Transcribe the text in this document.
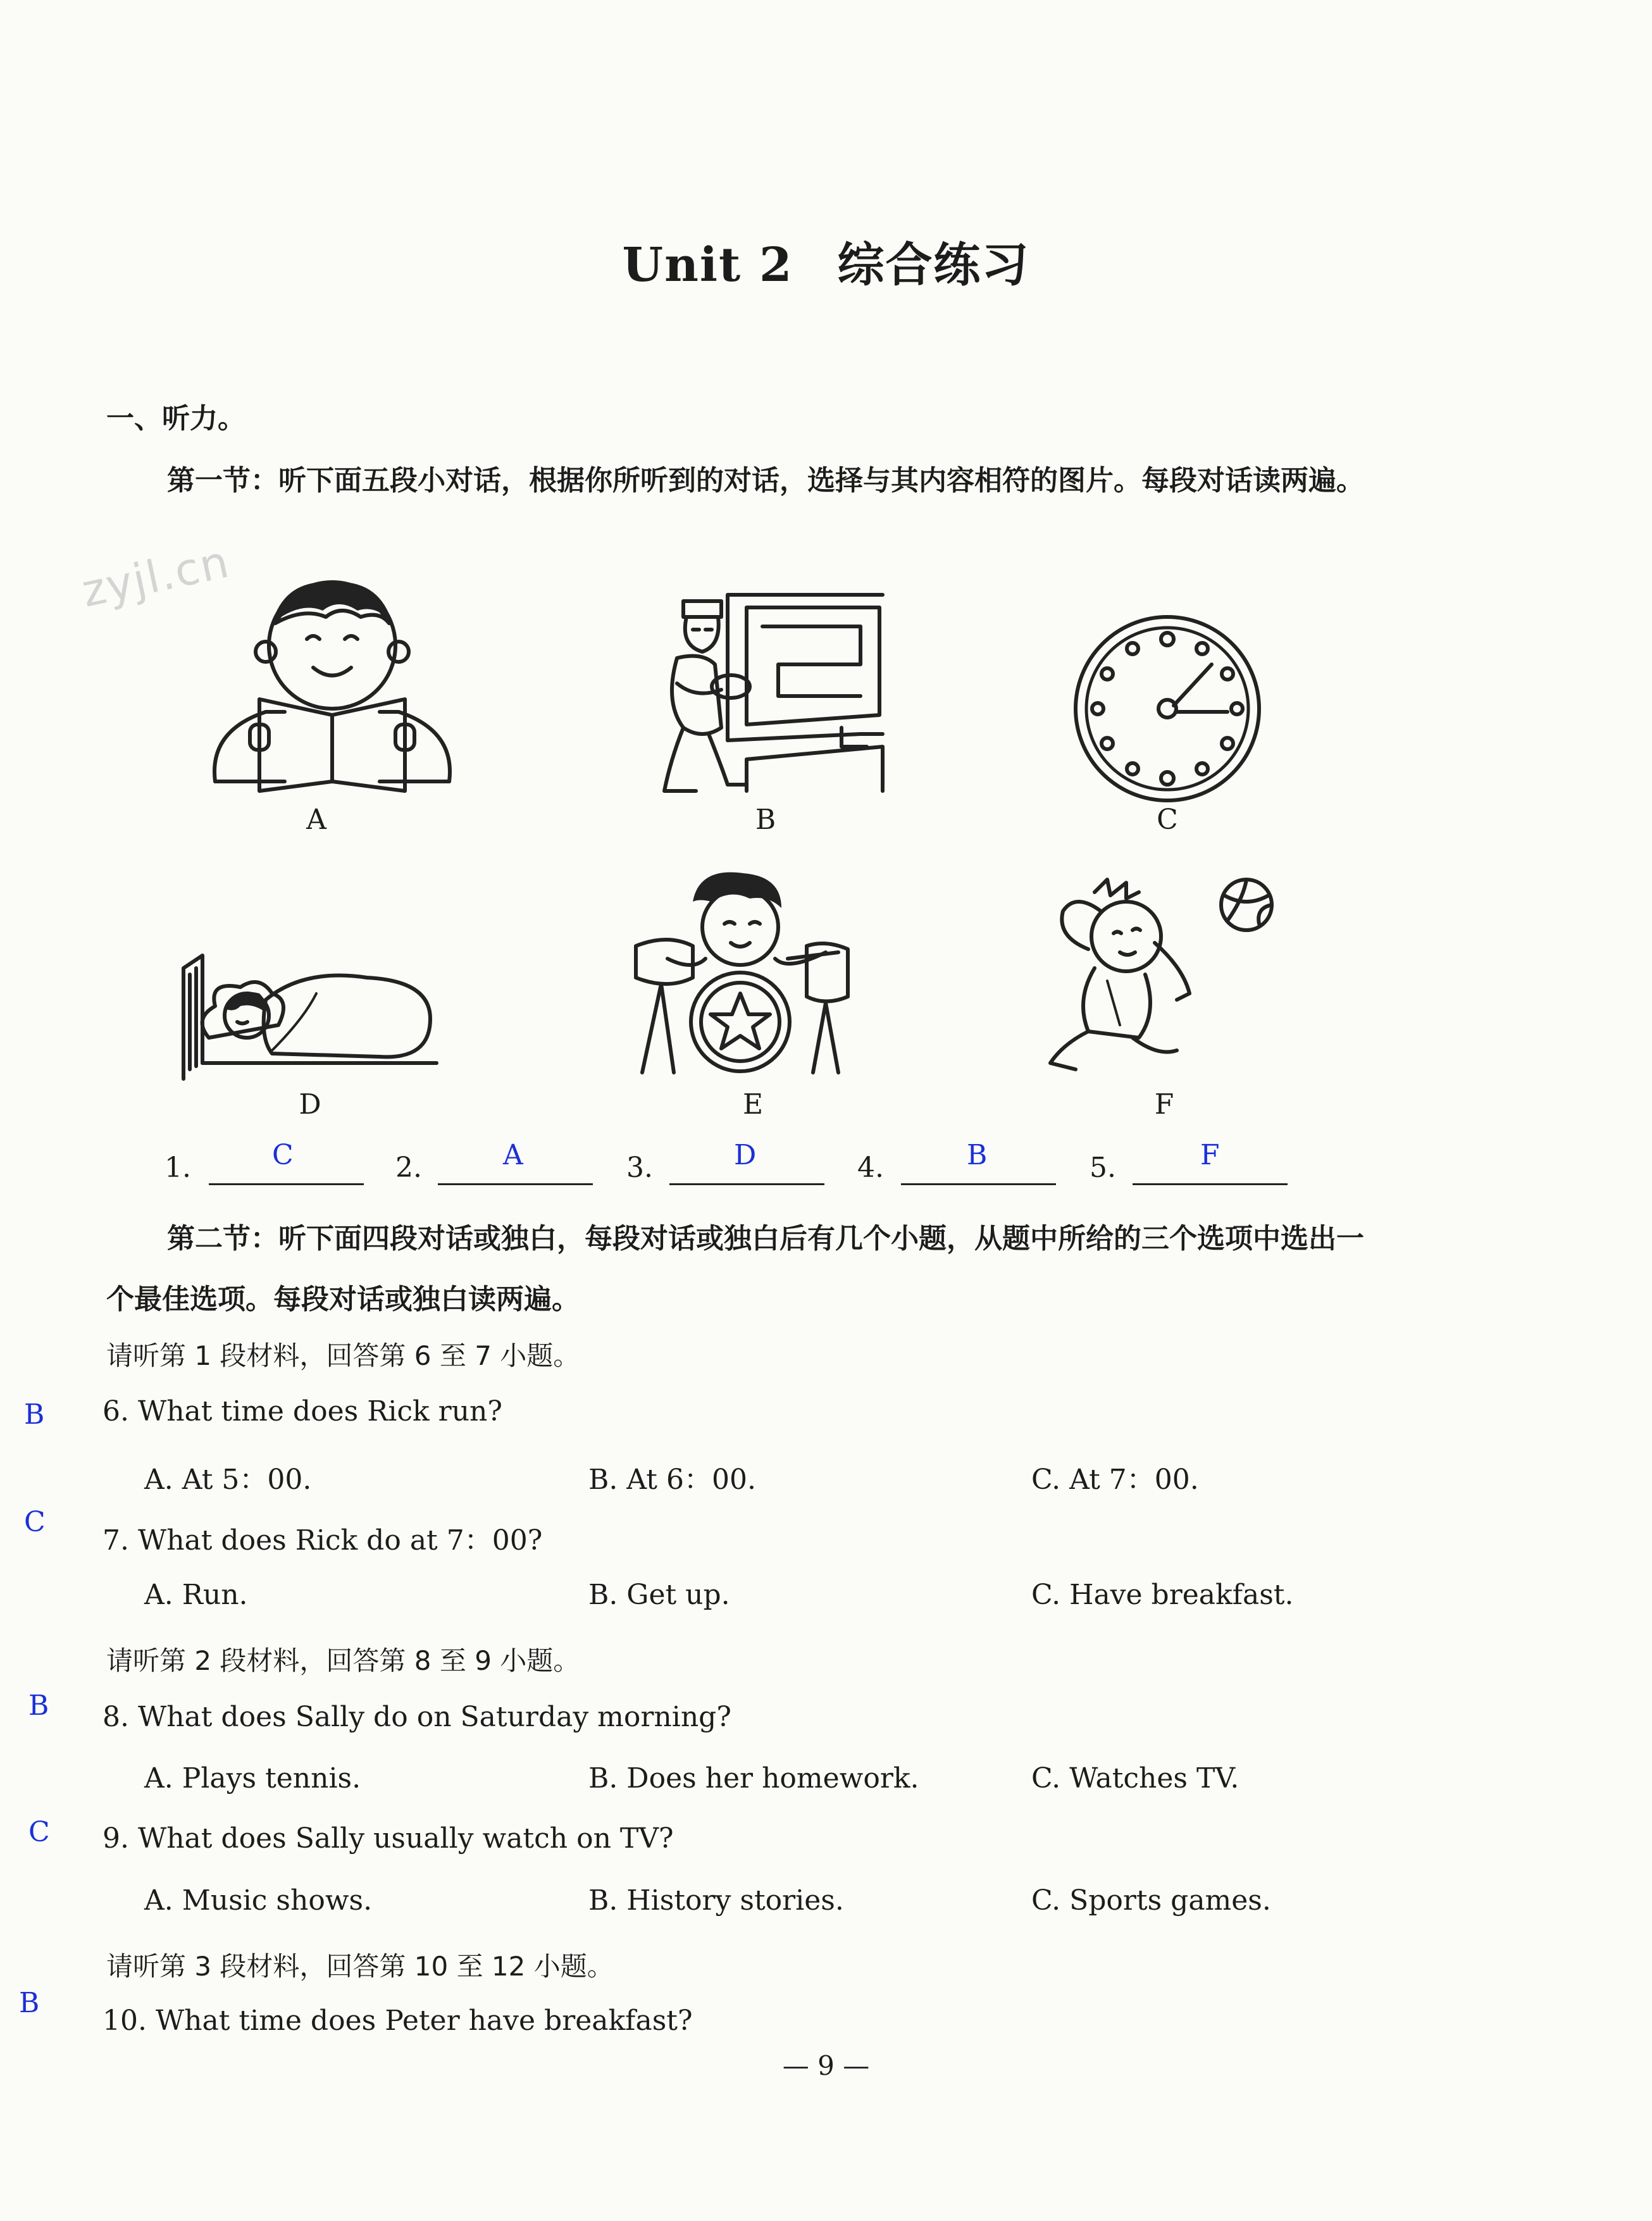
Unit 2 综合练习
一、听力。
第一节：听下面五段小对话，根据你所听到的对话，选择与其内容相符的图片。每段对话读两遍。
zyjl.cn
A	B	C
D	E	F
1.	C	2.	A	3.	D	4.	B	5.	F
第二节：听下面四段对话或独白，每段对话或独白后有几个小题，从题中所给的三个选项中选出一个最佳选项。每段对话或独白读两遍。
请听第 1 段材料，回答第 6 至 7 小题。
B 6. What time does Rick run?
A. At 5：00.	B. At 6：00.	C. At 7：00.
C
7. What does Rick do at 7：00?
A. Run.	B. Get up.	C. Have breakfast.
请听第 2 段材料，回答第 8 至 9 小题。
B 8. What does Sally do on Saturday morning?
A. Plays tennis.	B. Does her homework.	C. Watches TV.
C 9. What does Sally usually watch on TV?
A. Music shows.	B. History stories.	C. Sports games.
请听第 3 段材料，回答第 10 至 12 小题。
B
10. What time does Peter have breakfast?
— 9 —
